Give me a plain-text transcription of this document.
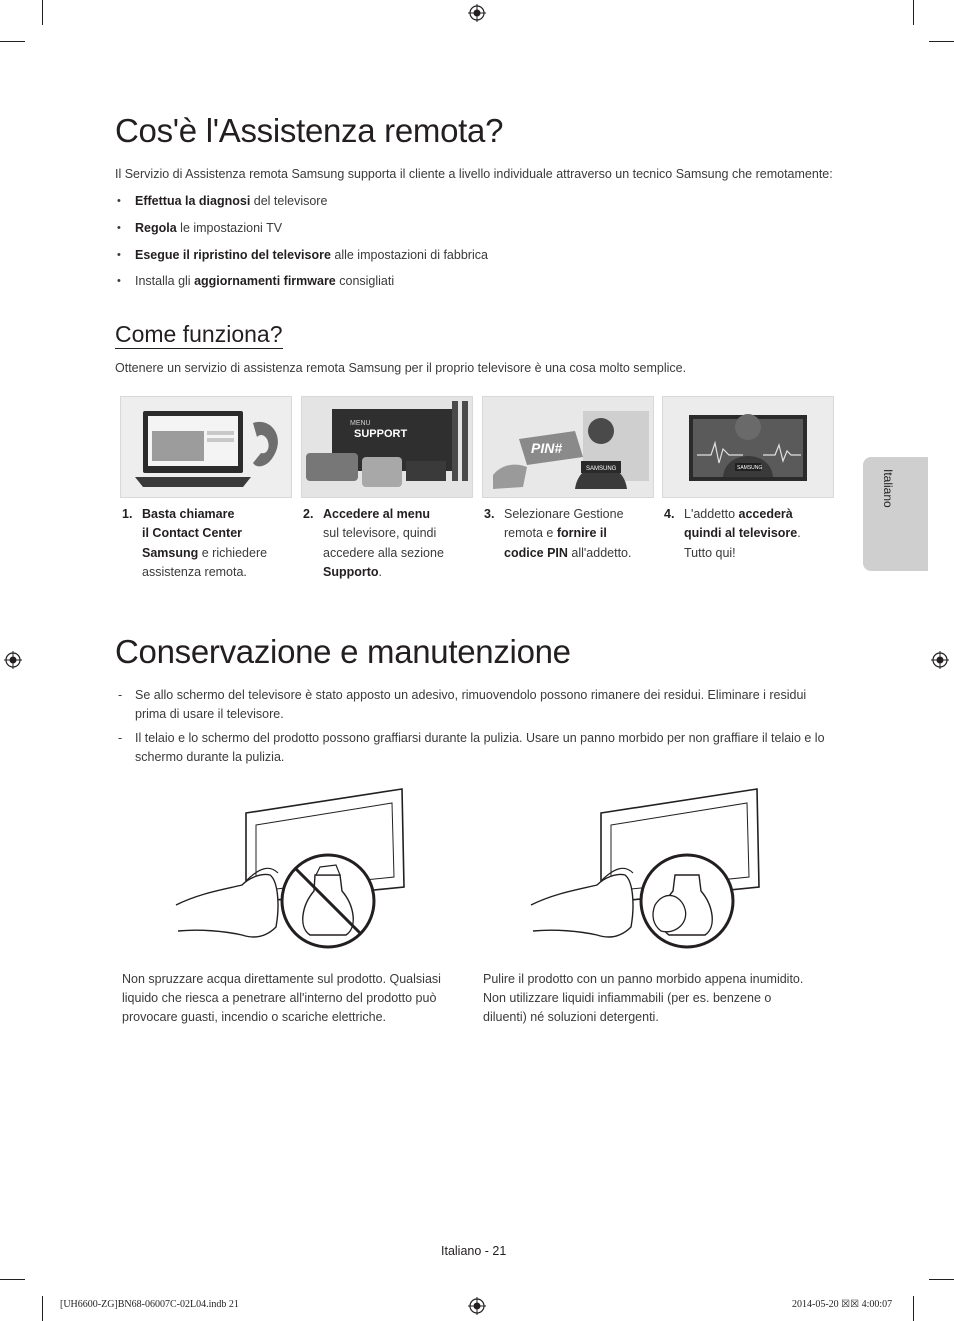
Cos'è l'Assistenza remota?
Il Servizio di Assistenza remota Samsung supporta il cliente a livello individuale attraverso un tecnico Samsung che remotamente:
• Effettua la diagnosi del televisore
• Regola le impostazioni TV
• Esegue il ripristino del televisore alle impostazioni di fabbrica
• Installa gli aggiornamenti firmware consigliati
Come funziona?
Ottenere un servizio di assistenza remota Samsung per il proprio televisore è una cosa molto semplice.
MENU
SUPPORT
PIN#
SAMSUNG	SAMSUNG
1. Basta chiamare
il Contact Center
Samsung e richiedere
assistenza remota.
2. Accedere al menu
sul televisore, quindi
accedere alla sezione
Supporto.
3. Selezionare Gestione
remota e fornire il
codice PIN all'addetto.
4. L'addetto accederà
quindi al televisore.
Tutto qui!
Italiano
Conservazione e manutenzione
- Se allo schermo del televisore è stato apposto un adesivo, rimuovendolo possono rimanere dei residui. Eliminare i residui prima di usare il televisore.
- Il telaio e lo schermo del prodotto possono graffiarsi durante la pulizia. Usare un panno morbido per non graffiare il telaio e lo schermo durante la pulizia.
Non spruzzare acqua direttamente sul prodotto. Qualsiasi liquido che riesca a penetrare all'interno del prodotto può provocare guasti, incendio o scariche elettriche.
Pulire il prodotto con un panno morbido appena inumidito. Non utilizzare liquidi infiammabili (per es. benzene o diluenti) né soluzioni detergenti.
Italiano - 21
[UH6600-ZG]BN68-06007C-02L04.indb 21	2014-05-20 ☒☒ 4:00:07
